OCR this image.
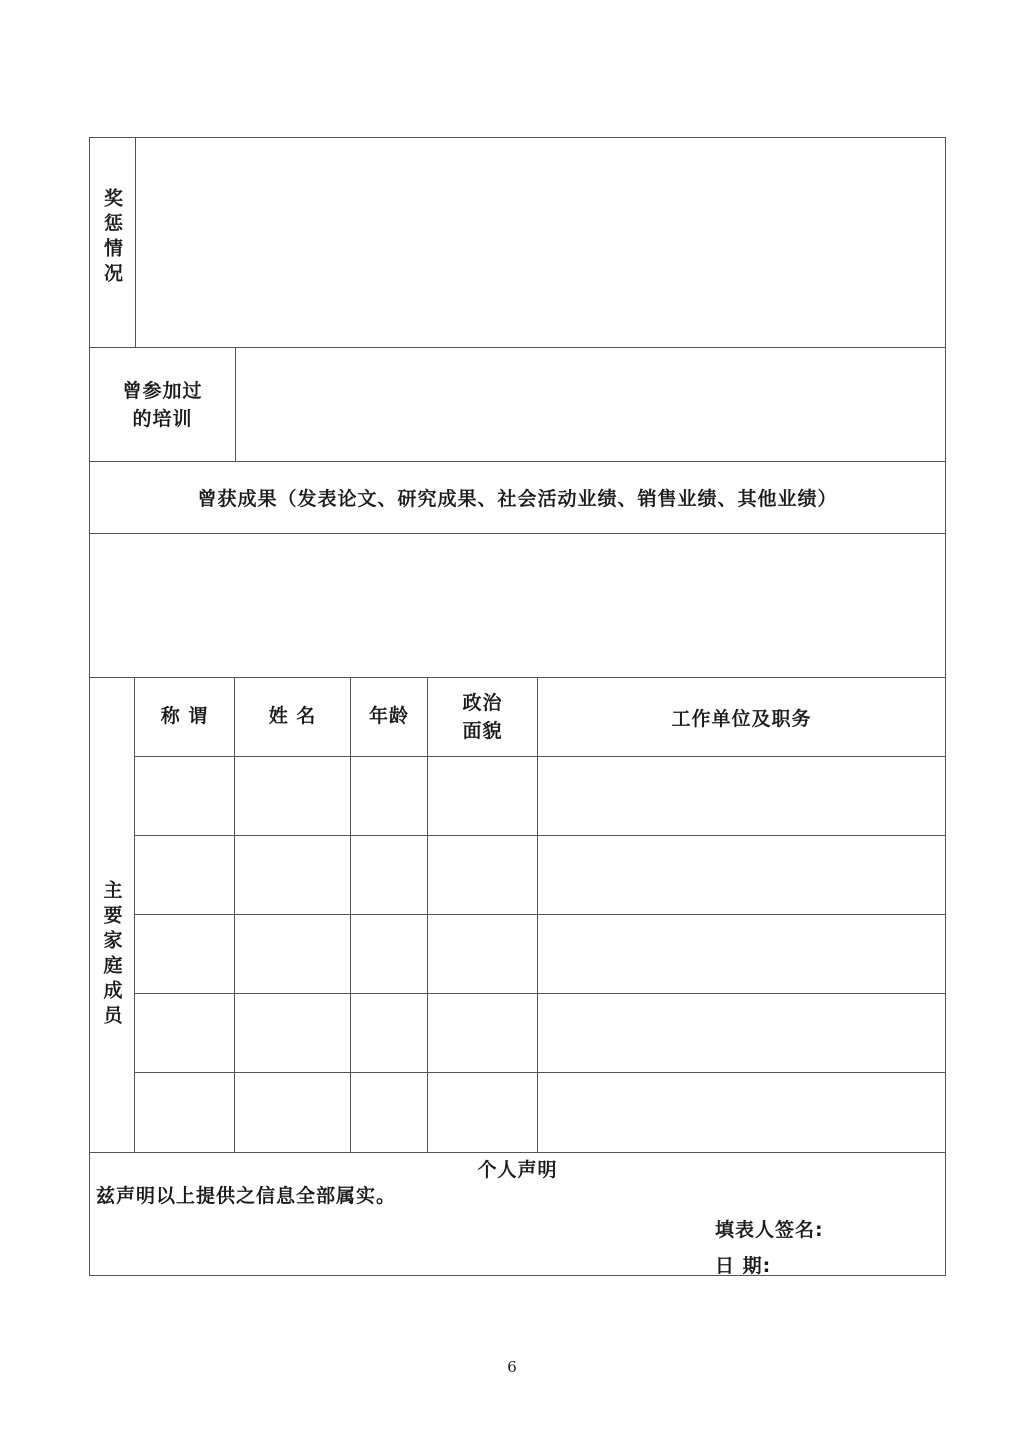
奖惩情况
曾参加过
的培训
曾获成果（发表论文、研究成果、社会活动业绩、销售业绩、其他业绩）
主要家庭成员
称 谓	姓 名	年龄
政治
面貌
工作单位及职务
个人声明
兹声明以上提供之信息全部属实。
填表人签名:
日 期:
6
